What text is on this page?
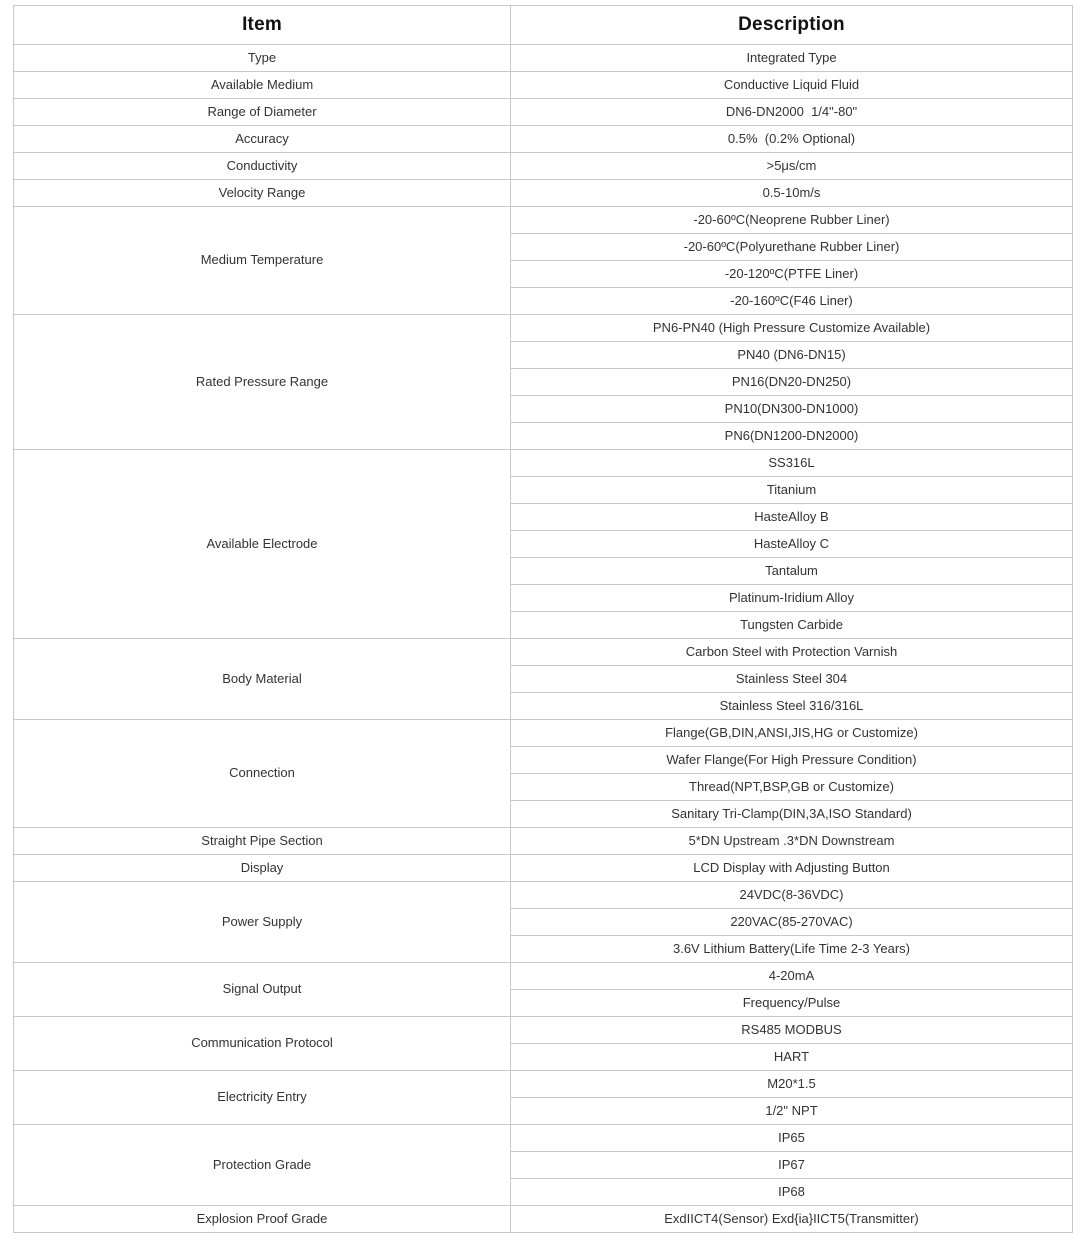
Item	Description
Type	Integrated Type
Available Medium	Conductive Liquid Fluid
Range of Diameter	DN6-DN2000  1/4"-80"
Accuracy	0.5%  (0.2% Optional)
Conductivity	>5μs/cm
Velocity Range	0.5-10m/s
Medium Temperature	-20-60ºC(Neoprene Rubber Liner)
	-20-60ºC(Polyurethane Rubber Liner)
	-20-120ºC(PTFE Liner)
	-20-160ºC(F46 Liner)
Rated Pressure Range	PN6-PN40 (High Pressure Customize Available)
	PN40 (DN6-DN15)
	PN16(DN20-DN250)
	PN10(DN300-DN1000)
	PN6(DN1200-DN2000)
Available Electrode	SS316L
	Titanium
	HasteAlloy B
	HasteAlloy C
	Tantalum
	Platinum-Iridium Alloy
	Tungsten Carbide
Body Material	Carbon Steel with Protection Varnish
	Stainless Steel 304
	Stainless Steel 316/316L
Connection	Flange(GB,DIN,ANSI,JIS,HG or Customize)
	Wafer Flange(For High Pressure Condition)
	Thread(NPT,BSP,GB or Customize)
	Sanitary Tri-Clamp(DIN,3A,ISO Standard)
Straight Pipe Section	5*DN Upstream .3*DN Downstream
Display	LCD Display with Adjusting Button
Power Supply	24VDC(8-36VDC)
	220VAC(85-270VAC)
	3.6V Lithium Battery(Life Time 2-3 Years)
Signal Output	4-20mA
	Frequency/Pulse
Communication Protocol	RS485 MODBUS
	HART
Electricity Entry	M20*1.5
	1/2" NPT
Protection Grade	IP65
	IP67
	IP68
Explosion Proof Grade	ExdIICT4(Sensor) Exd{ia}IICT5(Transmitter)
